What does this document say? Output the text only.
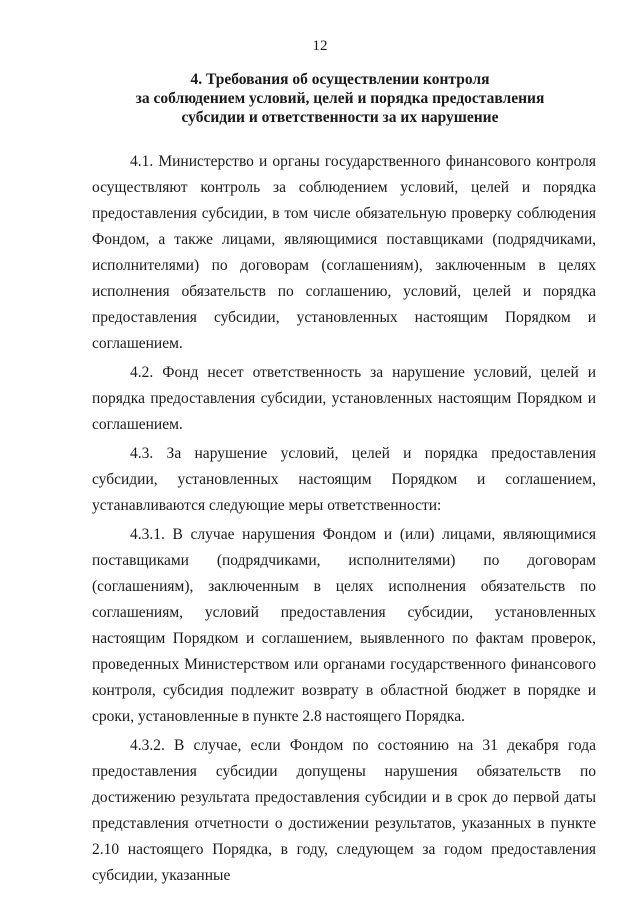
12
4. Требования об осуществлении контроля
за соблюдением условий, целей и порядка предоставления
субсидии и ответственности за их нарушение

4.1. Министерство и органы государственного финансового контроля осуществляют контроль за соблюдением условий, целей и порядка предоставления субсидии, в том числе обязательную проверку соблюдения Фондом, а также лицами, являющимися поставщиками (подрядчиками, исполнителями) по договорам (соглашениям), заключенным в целях исполнения обязательств по соглашению, условий, целей и порядка предоставления субсидии, установленных настоящим Порядком и соглашением.

4.2. Фонд несет ответственность за нарушение условий, целей и порядка предоставления субсидии, установленных настоящим Порядком и соглашением.

4.3. За нарушение условий, целей и порядка предоставления субсидии, установленных настоящим Порядком и соглашением, устанавливаются следующие меры ответственности:

4.3.1. В случае нарушения Фондом и (или) лицами, являющимися поставщиками (подрядчиками, исполнителями) по договорам (соглашениям), заключенным в целях исполнения обязательств по соглашениям, условий предоставления субсидии, установленных настоящим Порядком и соглашением, выявленного по фактам проверок, проведенных Министерством или органами государственного финансового контроля, субсидия подлежит возврату в областной бюджет в порядке и сроки, установленные в пункте 2.8 настоящего Порядка.

4.3.2. В случае, если Фондом по состоянию на 31 декабря года предоставления субсидии допущены нарушения обязательств по достижению результата предоставления субсидии и в срок до первой даты представления отчетности о достижении результатов, указанных в пункте 2.10 настоящего Порядка, в году, следующем за годом предоставления субсидии, указанные
